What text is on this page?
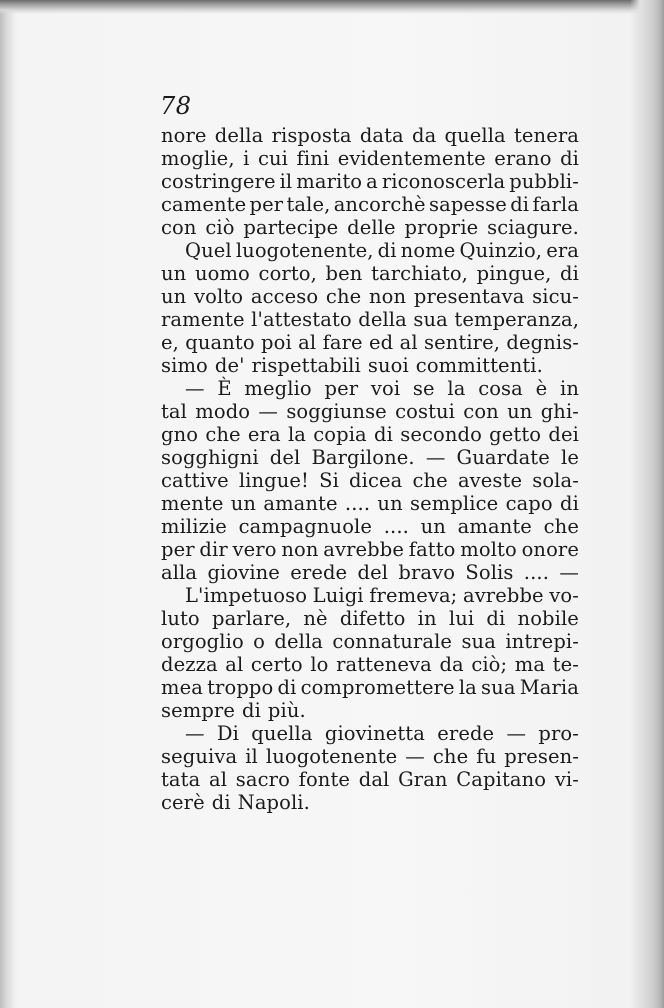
78
nore della risposta data da quella tenera
moglie, i cui fini evidentemente erano di
costringere il marito a riconoscerla pubbli-
camente per tale, ancorchè sapesse di farla
con ciò partecipe delle proprie sciagure.
Quel luogotenente, di nome Quinzio, era
un uomo corto, ben tarchiato, pingue, di
un volto acceso che non presentava sicu-
ramente l'attestato della sua temperanza,
e, quanto poi al fare ed al sentire, degnis-
simo de' rispettabili suoi committenti.
— È meglio per voi se la cosa è in
tal modo — soggiunse costui con un ghi-
gno che era la copia di secondo getto dei
sogghigni del Bargilone. — Guardate le
cattive lingue! Si dicea che aveste sola-
mente un amante .... un semplice capo di
milizie campagnuole .... un amante che
per dir vero non avrebbe fatto molto onore
alla giovine erede del bravo Solis .... —
L'impetuoso Luigi fremeva; avrebbe vo-
luto parlare, nè difetto in lui di nobile
orgoglio o della connaturale sua intrepi-
dezza al certo lo ratteneva da ciò; ma te-
mea troppo di compromettere la sua Maria
sempre di più.
— Di quella giovinetta erede — pro-
seguiva il luogotenente — che fu presen-
tata al sacro fonte dal Gran Capitano vi-
cerè di Napoli.
